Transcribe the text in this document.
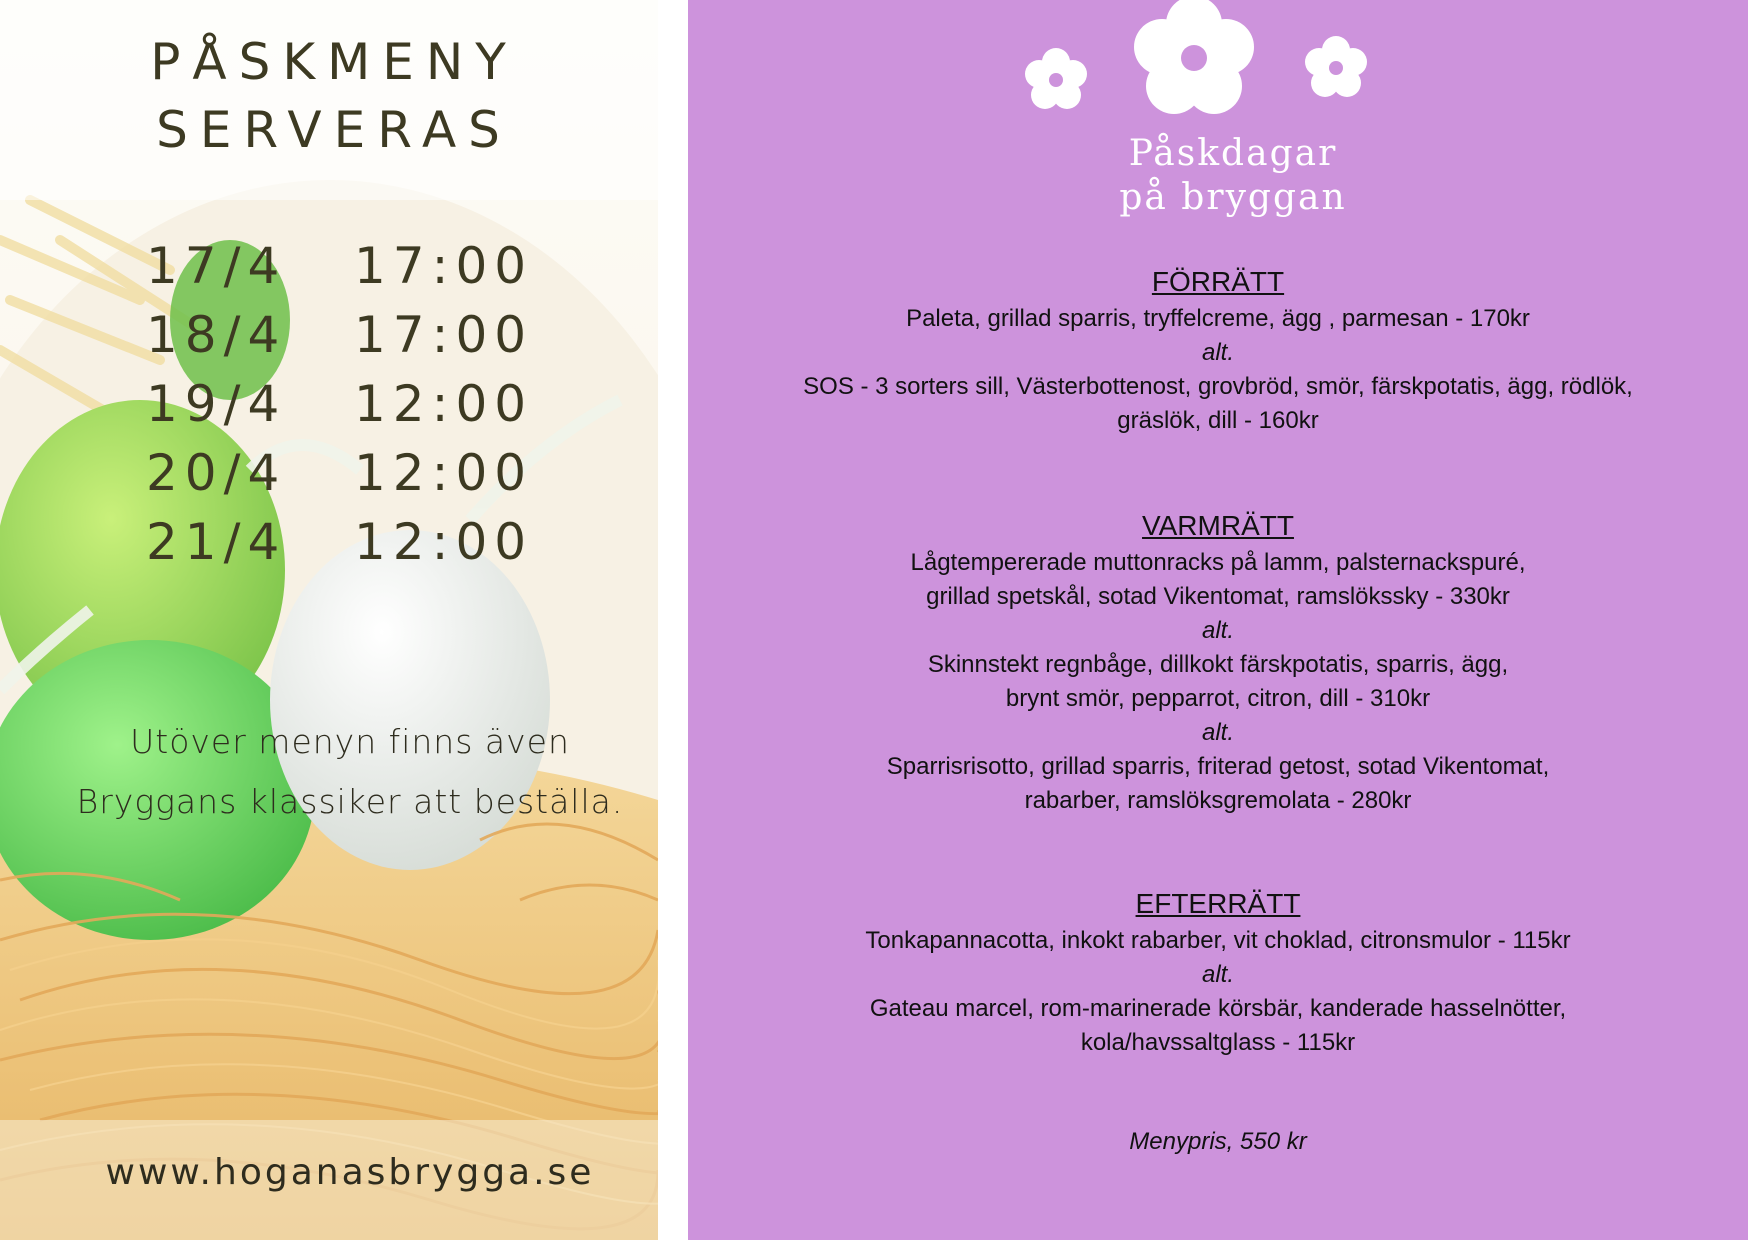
PÅSKMENY
SERVERAS
17/4 17:00
18/4 17:00
19/4 12:00
20/4 12:00
21/4 12:00
Utöver menyn finns även
Bryggans klassiker att beställa.
www.hoganasbrygga.se
Påskdagar
på bryggan
FÖRRÄTT
Paleta, grillad sparris, tryffelcreme, ägg , parmesan - 170kr
alt.
SOS - 3 sorters sill, Västerbottenost, grovbröd, smör, färskpotatis, ägg, rödlök,
gräslök, dill - 160kr
VARMRÄTT
Lågtempererade muttonracks på lamm, palsternackspuré,
grillad spetskål, sotad Vikentomat, ramslökssky - 330kr
alt.
Skinnstekt regnbåge, dillkokt färskpotatis, sparris, ägg,
brynt smör, pepparrot, citron, dill - 310kr
alt.
Sparrisrisotto, grillad sparris, friterad getost, sotad Vikentomat,
rabarber, ramslöksgremolata - 280kr
EFTERRÄTT
Tonkapannacotta, inkokt rabarber, vit choklad, citronsmulor - 115kr
alt.
Gateau marcel, rom-marinerade körsbär, kanderade hasselnötter,
kola/havssaltglass - 115kr
Menypris, 550 kr
